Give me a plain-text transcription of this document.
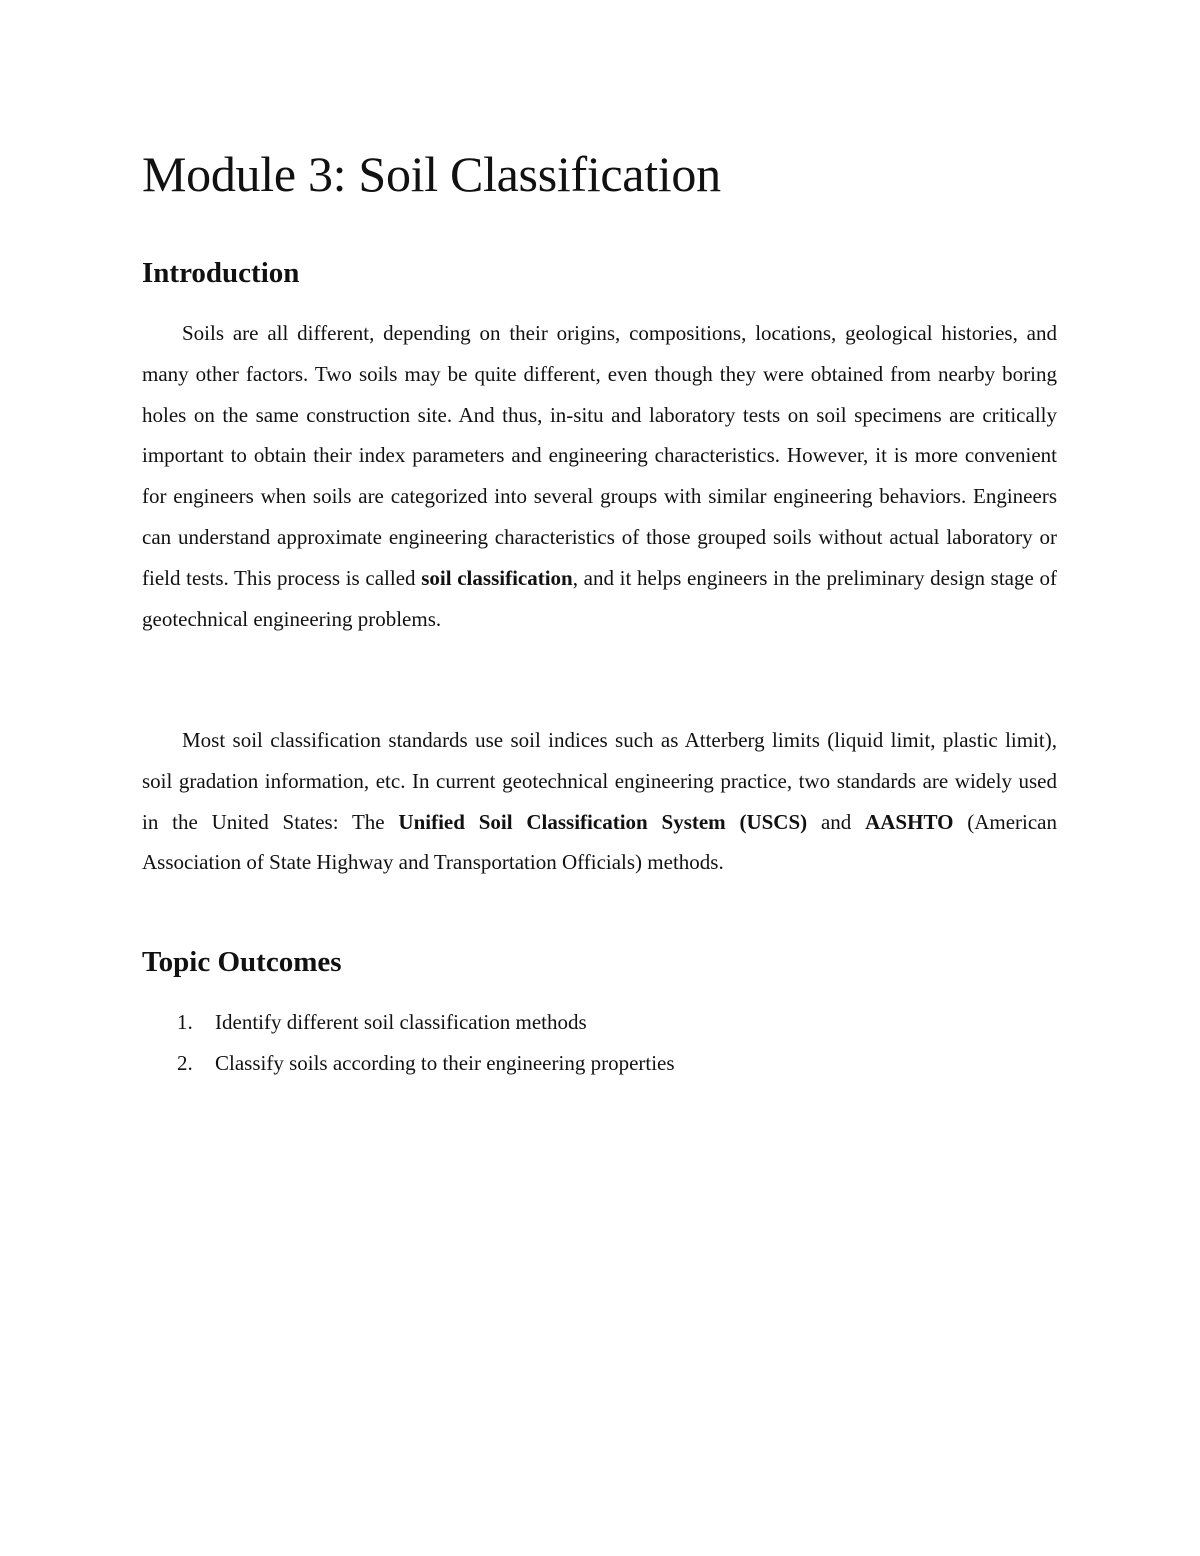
Module 3: Soil Classification
Introduction

Soils are all different, depending on their origins, compositions, locations, geological histories, and many other factors. Two soils may be quite different, even though they were obtained from nearby boring holes on the same construction site. And thus, in-situ and laboratory tests on soil specimens are critically important to obtain their index parameters and engineering characteristics. However, it is more convenient for engineers when soils are categorized into several groups with similar engineering behaviors. Engineers can understand approximate engineering characteristics of those grouped soils without actual laboratory or field tests. This process is called soil classification, and it helps engineers in the preliminary design stage of geotechnical engineering problems.

Most soil classification standards use soil indices such as Atterberg limits (liquid limit, plastic limit), soil gradation information, etc. In current geotechnical engineering practice, two standards are widely used in the United States: The Unified Soil Classification System (USCS) and AASHTO (American Association of State Highway and Transportation Officials) methods.

Topic Outcomes
1.	Identify different soil classification methods
2.	Classify soils according to their engineering properties
